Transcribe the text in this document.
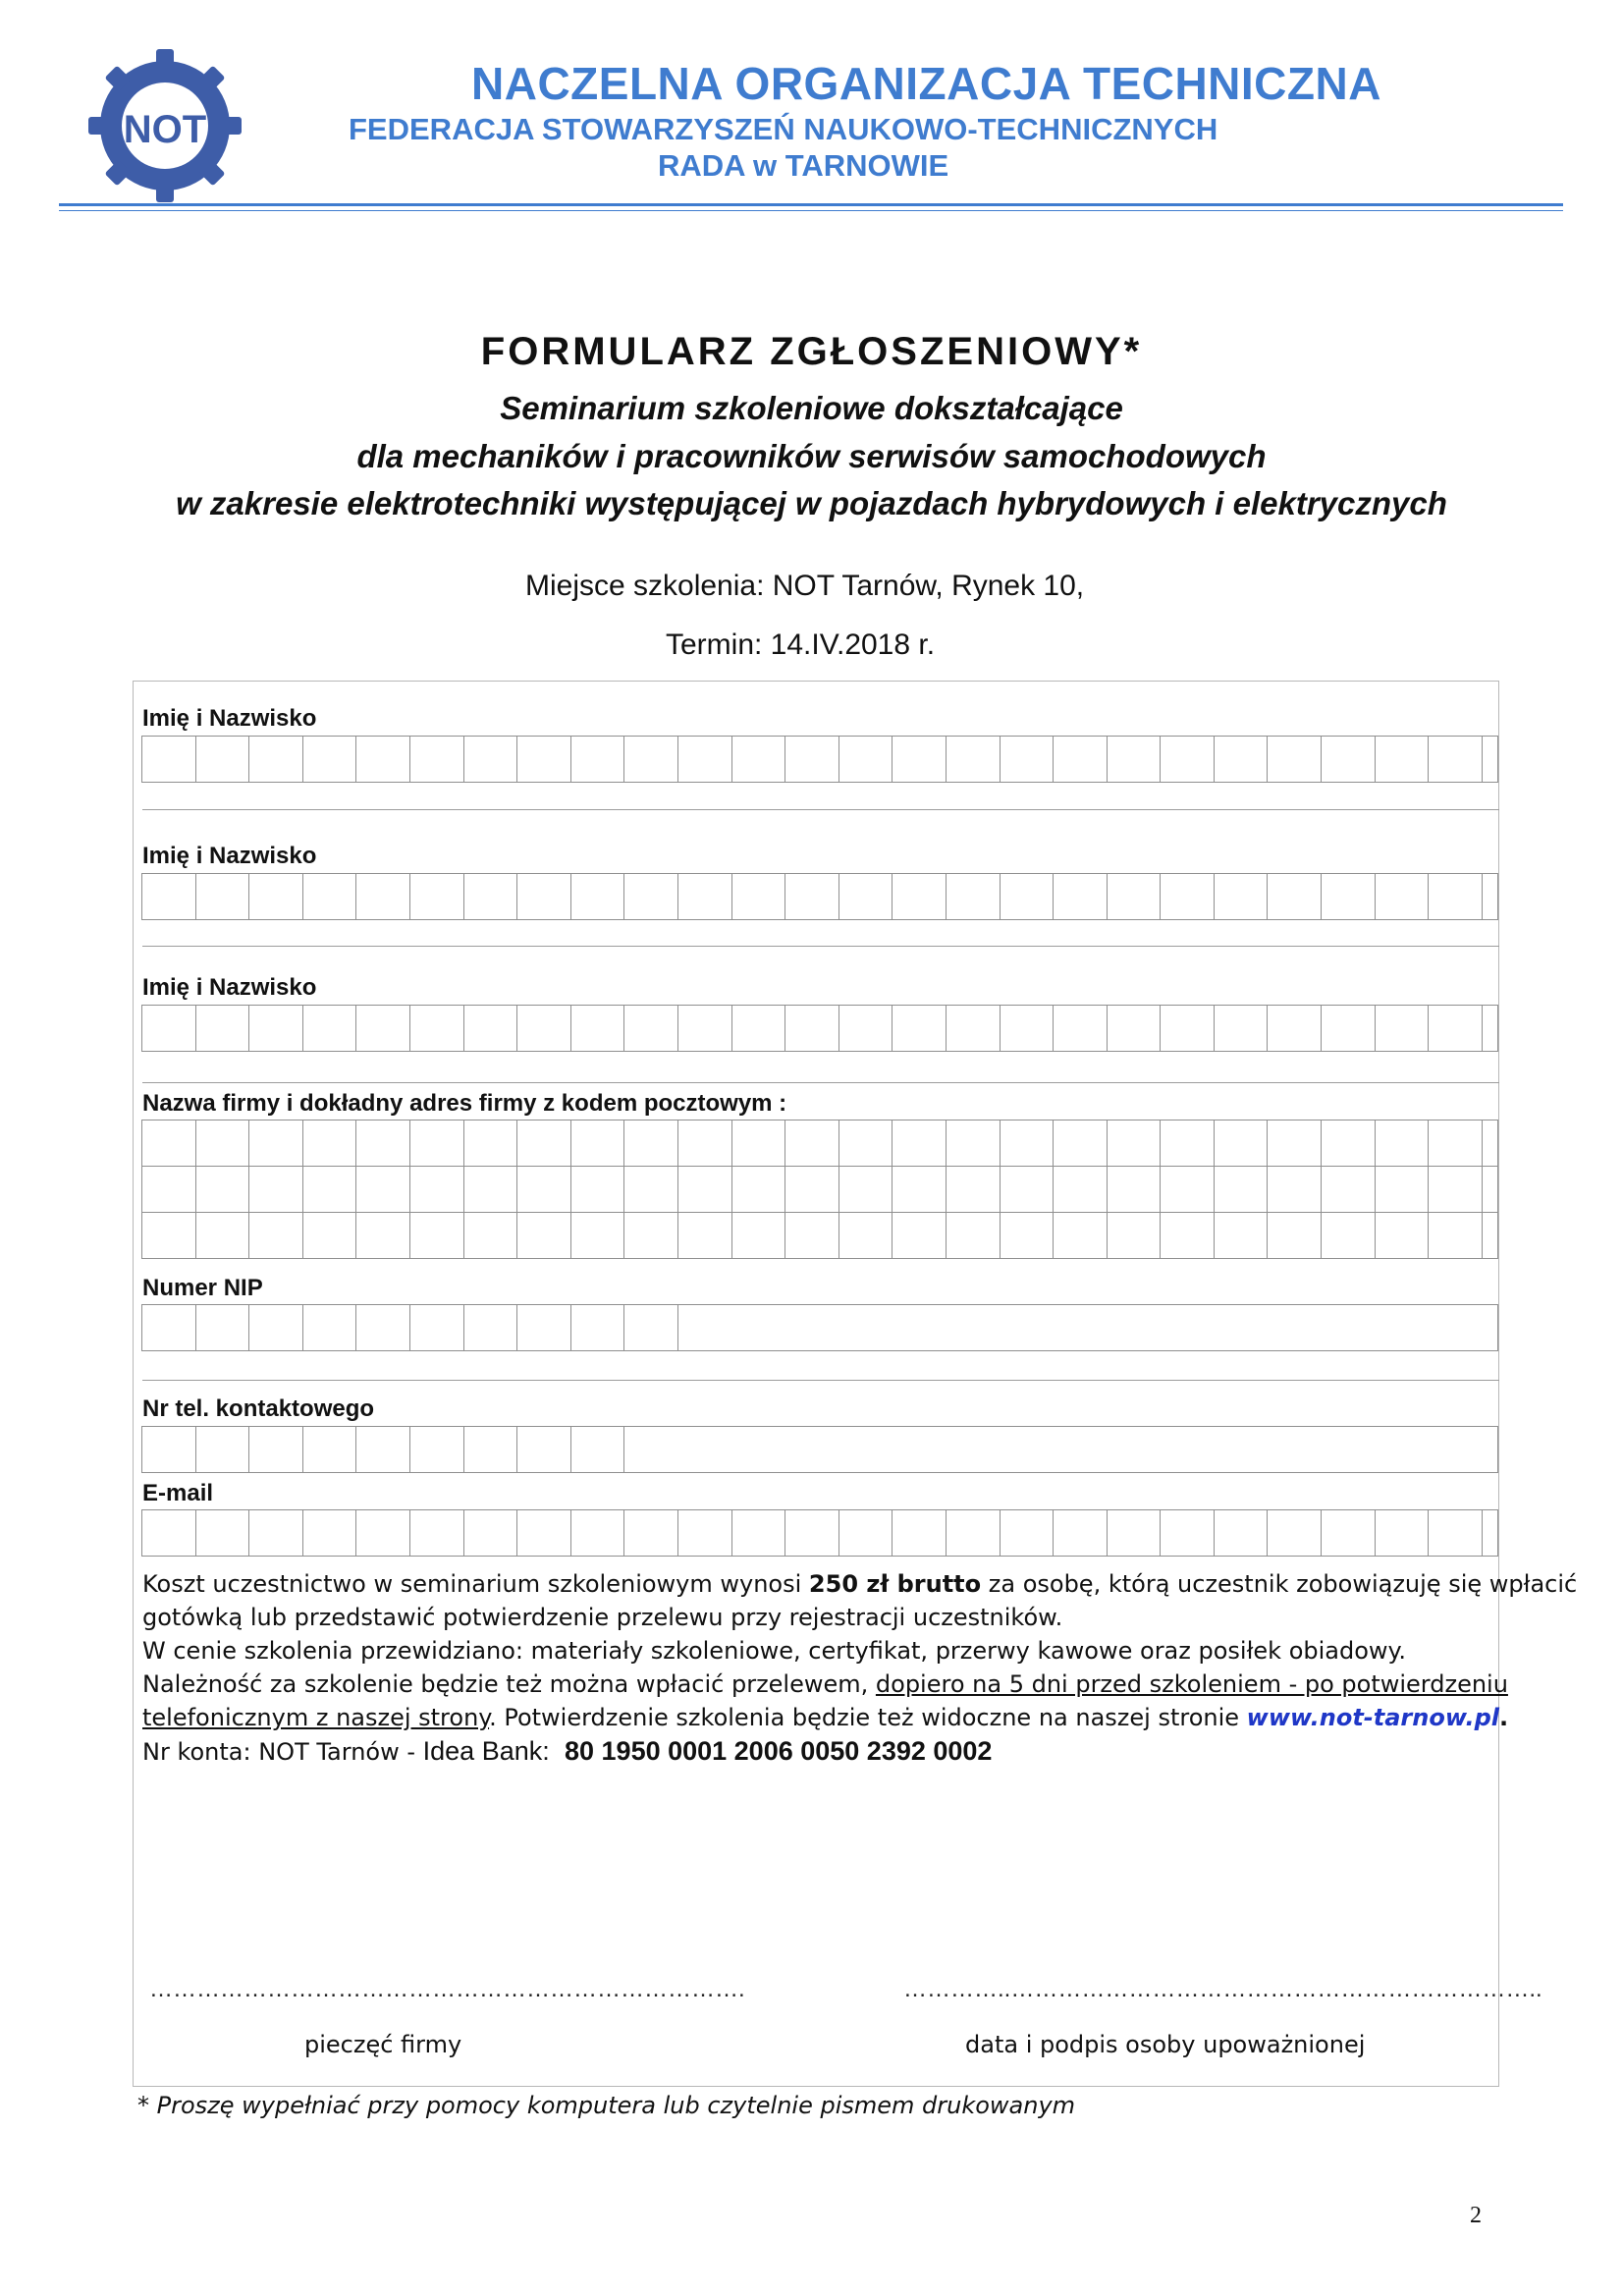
NOT
NACZELNA ORGANIZACJA TECHNICZNA
FEDERACJA STOWARZYSZEŃ NAUKOWO-TECHNICZNYCH
RADA w TARNOWIE
FORMULARZ ZGŁOSZENIOWY*
Seminarium szkoleniowe dokształcające
dla mechaników i pracowników serwisów samochodowych
w zakresie elektrotechniki występującej w pojazdach hybrydowych i elektrycznych
Miejsce szkolenia: NOT Tarnów, Rynek 10,
Termin: 14.IV.2018 r.
Imię i Nazwisko
Imię i Nazwisko
Imię i Nazwisko
Nazwa firmy i dokładny adres firmy z kodem pocztowym :
Numer NIP
Nr tel. kontaktowego
E-mail

Koszt uczestnictwo w seminarium szkoleniowym wynosi 250 zł brutto za osobę, którą uczestnik zobowiązuję się wpłacić

gotówką lub przedstawić potwierdzenie przelewu przy rejestracji uczestników.

W cenie szkolenia przewidziano: materiały szkoleniowe, certyfikat, przerwy kawowe oraz posiłek obiadowy.

Należność za szkolenie będzie też można wpłacić przelewem, dopiero na 5 dni przed szkoleniem - po potwierdzeniu

telefonicznym z naszej strony. Potwierdzenie szkolenia będzie też widoczne na naszej stronie www.not-tarnow.pl.

Nr konta: NOT Tarnów - Idea Bank: 80 1950 0001 2006 0050 2392 0002

………………………………………………………………….	…………..…………………………………………………………..
pieczęć firmy	data i podpis osoby upoważnionej
* Proszę wypełniać przy pomocy komputera lub czytelnie pismem drukowanym
2
